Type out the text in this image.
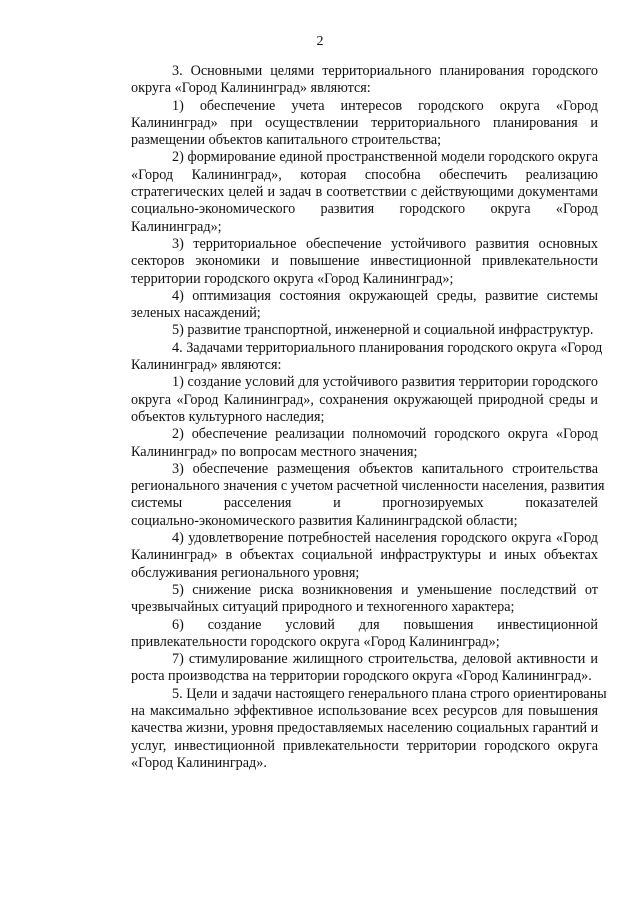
2
3. Основными целями территориального планирования городского
округа «Город Калининград» являются:
1) обеспечение учета интересов городского округа «Город
Калининград» при осуществлении территориального планирования и
размещении объектов капитального строительства;
2) формирование единой пространственной модели городского округа
«Город Калининград», которая способна обеспечить реализацию
стратегических целей и задач в соответствии с действующими документами
социально-экономического развития городского округа «Город
Калининград»;
3) территориальное обеспечение устойчивого развития основных
секторов экономики и повышение инвестиционной привлекательности
территории городского округа «Город Калининград»;
4) оптимизация состояния окружающей среды, развитие системы
зеленых насаждений;
5) развитие транспортной, инженерной и социальной инфраструктур.
4. Задачами территориального планирования городского округа «Город
Калининград» являются:
1) создание условий для устойчивого развития территории городского
округа «Город Калининград», сохранения окружающей природной среды и
объектов культурного наследия;
2) обеспечение реализации полномочий городского округа «Город
Калининград» по вопросам местного значения;
3) обеспечение размещения объектов капитального строительства
регионального значения с учетом расчетной численности населения, развития
системы расселения и прогнозируемых показателей
социально-экономического развития Калининградской области;
4) удовлетворение потребностей населения городского округа «Город
Калининград» в объектах социальной инфраструктуры и иных объектах
обслуживания регионального уровня;
5) снижение риска возникновения и уменьшение последствий от
чрезвычайных ситуаций природного и техногенного характера;
6) создание условий для повышения инвестиционной
привлекательности городского округа «Город Калининград»;
7) стимулирование жилищного строительства, деловой активности и
роста производства на территории городского округа «Город Калининград».
5. Цели и задачи настоящего генерального плана строго ориентированы
на максимально эффективное использование всех ресурсов для повышения
качества жизни, уровня предоставляемых населению социальных гарантий и
услуг, инвестиционной привлекательности территории городского округа
«Город Калининград».
